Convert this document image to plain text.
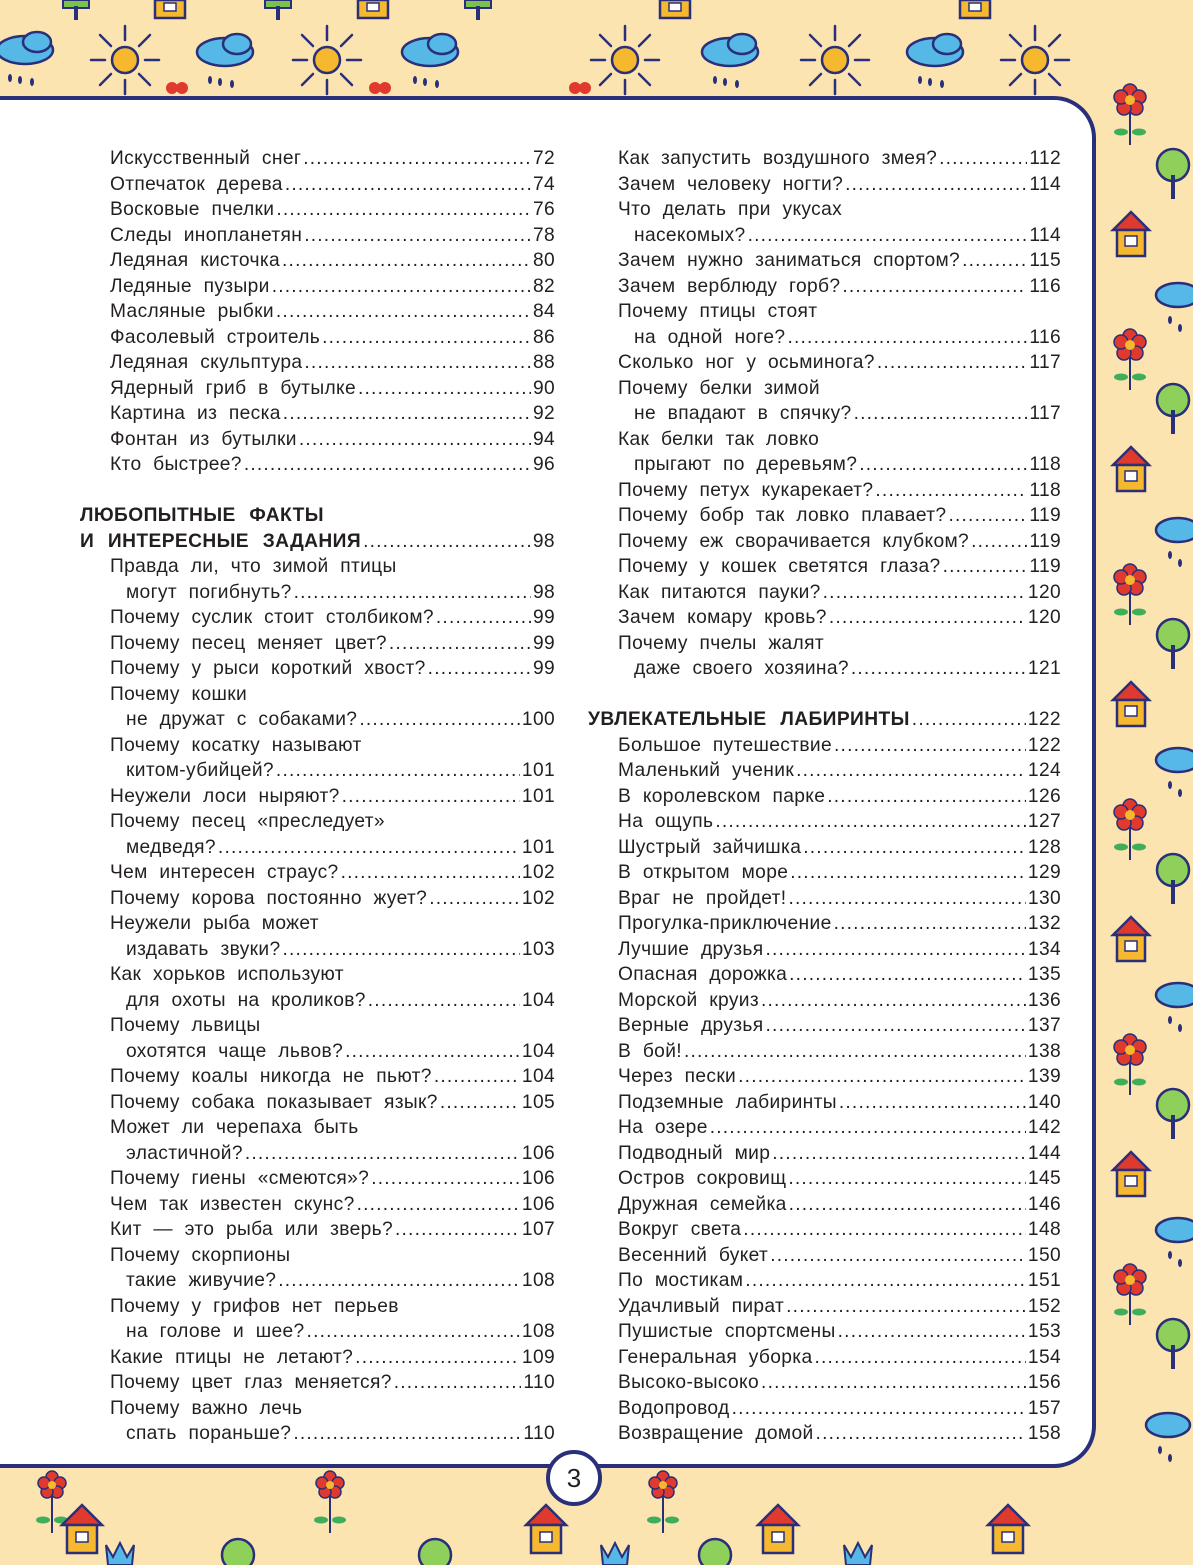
Искусственный снег .....	72
Отпечаток дерева .....	74
Восковые пчелки .....	76
Следы инопланетян .....	78
Ледяная кисточка .....	80
Ледяные пузыри .....	82
Масляные рыбки .....	84
Фасолевый строитель .....	86
Ледяная скульптура .....	88
Ядерный гриб в бутылке .....	90
Картина из песка .....	92
Фонтан из бутылки .....	94
Кто быстрее? .....	96
ЛЮБОПЫТНЫЕ ФАКТЫ
И ИНТЕРЕСНЫЕ ЗАДАНИЯ .....	98
Правда ли, что зимой птицы
могут погибнуть? .....	98
Почему суслик стоит столбиком? .....	99
Почему песец меняет цвет? .....	99
Почему у рыси короткий хвост? .....	99
Почему кошки
не дружат с собаками? .....	100
Почему косатку называют
китом-убийцей? .....	101
Неужели лоси ныряют? .....	101
Почему песец «преследует»
медведя? .....	101
Чем интересен страус? .....	102
Почему корова постоянно жует? .....	102
Неужели рыба может
издавать звуки? .....	103
Как хорьков используют
для охоты на кроликов? .....	104
Почему львицы
охотятся чаще львов? .....	104
Почему коалы никогда не пьют? .....	104
Почему собака показывает язык? .....	105
Может ли черепаха быть
эластичной? .....	106
Почему гиены «смеются»? .....	106
Чем так известен скунс? .....	106
Кит — это рыба или зверь? .....	107
Почему скорпионы
такие живучие? .....	108
Почему у грифов нет перьев
на голове и шее? .....	108
Какие птицы не летают? .....	109
Почему цвет глаз меняется? .....	110
Почему важно лечь
спать пораньше? .....	110
Как запустить воздушного змея? .....	112
Зачем человеку ногти? .....	114
Что делать при укусах
насекомых? .....	114
Зачем нужно заниматься спортом? .....	115
Зачем верблюду горб? .....	116
Почему птицы стоят
на одной ноге? .....	116
Сколько ног у осьминога? .....	117
Почему белки зимой
не впадают в спячку? .....	117
Как белки так ловко
прыгают по деревьям? .....	118
Почему петух кукарекает? .....	118
Почему бобр так ловко плавает? .....	119
Почему еж сворачивается клубком? .....	119
Почему у кошек светятся глаза? .....	119
Как питаются пауки? .....	120
Зачем комару кровь? .....	120
Почему пчелы жалят
даже своего хозяина? .....	121
УВЛЕКАТЕЛЬНЫЕ ЛАБИРИНТЫ .....	122
Большое путешествие .....	122
Маленький ученик .....	124
В королевском парке .....	126
На ощупь .....	127
Шустрый зайчишка .....	128
В открытом море .....	129
Враг не пройдет! .....	130
Прогулка-приключение .....	132
Лучшие друзья .....	134
Опасная дорожка .....	135
Морской круиз .....	136
Верные друзья .....	137
В бой! .....	138
Через пески .....	139
Подземные лабиринты .....	140
На озере .....	142
Подводный мир .....	144
Остров сокровищ .....	145
Дружная семейка .....	146
Вокруг света .....	148
Весенний букет .....	150
По мостикам .....	151
Удачливый пират .....	152
Пушистые спортсмены .....	153
Генеральная уборка .....	154
Высоко-высоко .....	156
Водопровод .....	157
Возвращение домой .....	158
3
